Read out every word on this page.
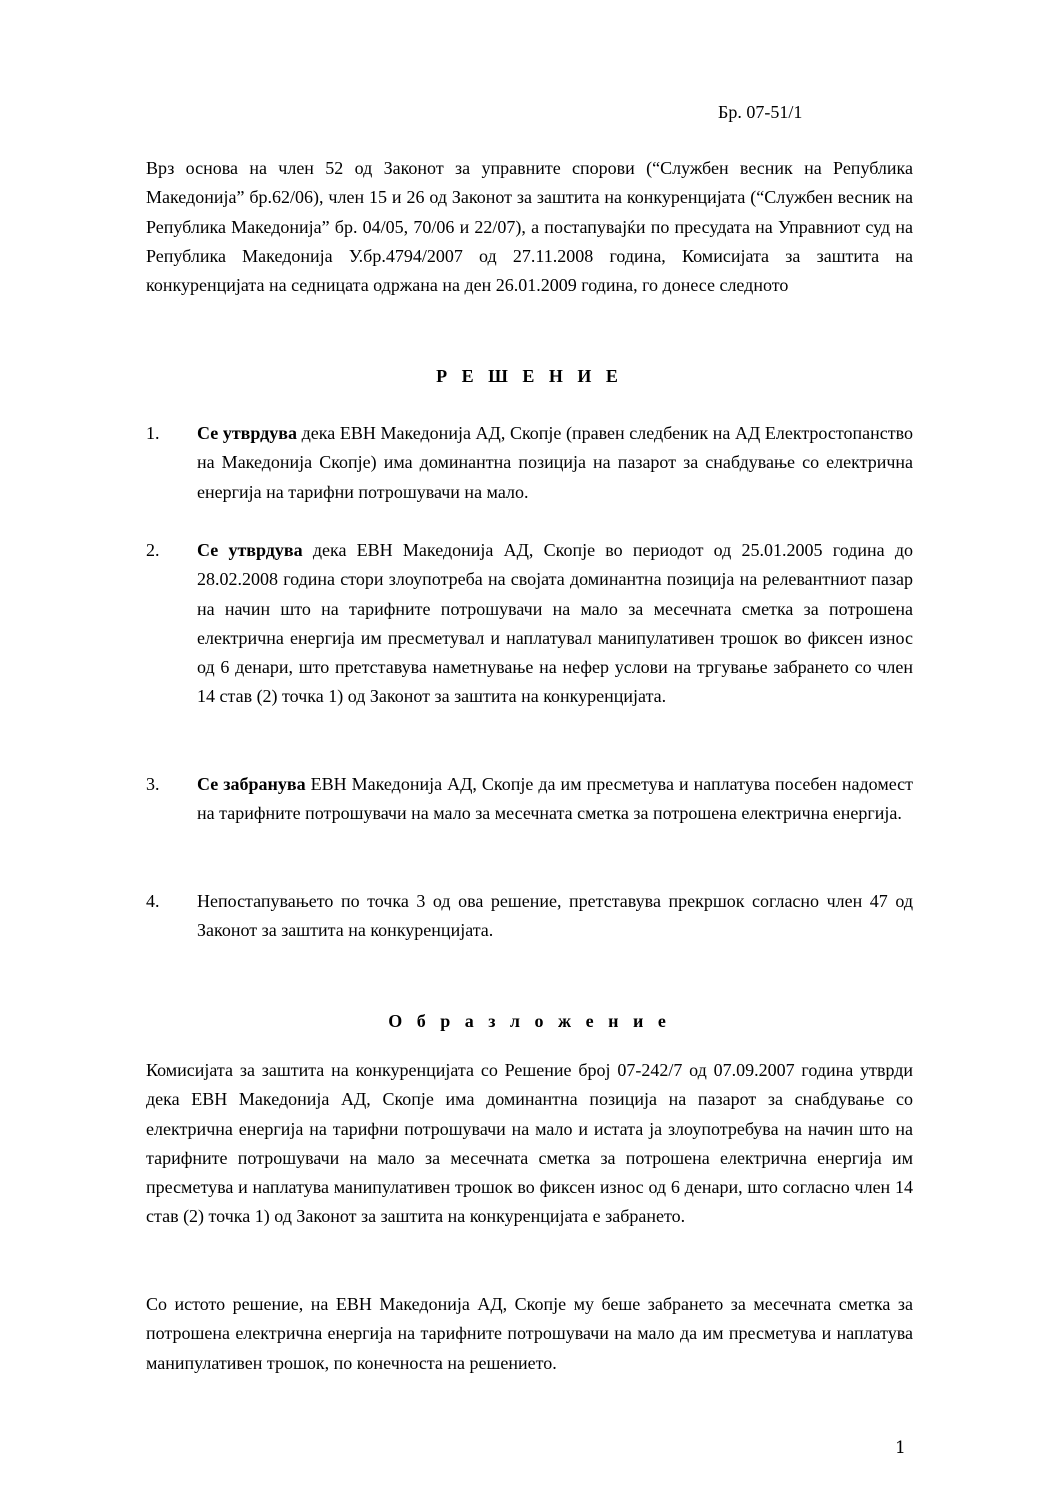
Бр. 07-51/1
Врз основа на член 52 од Законот за управните спорови (“Службен весник на Република Македонија” бр.62/06), член 15 и 26 од Законот за заштита на конкуренцијата (“Службен весник на Република Македонија” бр. 04/05, 70/06 и 22/07), а постапувајќи по пресудата на Управниот суд на Република Македонија У.бр.4794/2007 од 27.11.2008 година, Комисијата за заштита на конкуренцијата на седницата одржана на ден 26.01.2009 година, го донесе следното
Р Е Ш Е Н И Е
1.	Се утврдува дека ЕВН Македонија АД, Скопје (правен следбеник на АД Електростопанство на Македонија Скопје) има доминантна позиција на пазарот за снабдување со електрична енергија на тарифни потрошувачи на мало.
2.	Се утврдува дека ЕВН Македонија АД, Скопје во периодот од 25.01.2005 година до 28.02.2008 година стори злоупотреба на својата доминантна позиција на релевантниот пазар на начин што на тарифните потрошувачи на мало за месечната сметка за потрошена електрична енергија им пресметувал и наплатувал манипулативен трошок во фиксен износ од 6 денари, што претставува наметнување на нефер услови на тргување забрането со член 14 став (2) точка 1) од Законот за заштита на конкуренцијата.
3.	Се забранува ЕВН Македонија АД, Скопје да им пресметува и наплатува посебен надомест на тарифните потрошувачи на мало за месечната сметка за потрошена електрична енергија.
4.	Непостапувањето по точка 3 од ова решение, претставува прекршок согласно член 47 од Законот за заштита на конкуренцијата.
О б р а з л о ж е н и е
Комисијата за заштита на конкуренцијата со Решение број 07-242/7 од 07.09.2007 година утврди дека ЕВН Македонија АД, Скопје има доминантна позиција на пазарот за снабдување со електрична енергија на тарифни потрошувачи на мало и истата ја злоупотребува на начин што на тарифните потрошувачи на мало за месечната сметка за потрошена електрична енергија им пресметува и наплатува манипулативен трошок во фиксен износ од 6 денари, што согласно член 14 став (2) точка 1) од Законот за заштита на конкуренцијата е забрането.
Со истото решение, на ЕВН Македонија АД, Скопје му беше забрането за месечната сметка за потрошена електрична енергија на тарифните потрошувачи на мало да им пресметува и наплатува манипулативен трошок, по конечноста на решението.
1
